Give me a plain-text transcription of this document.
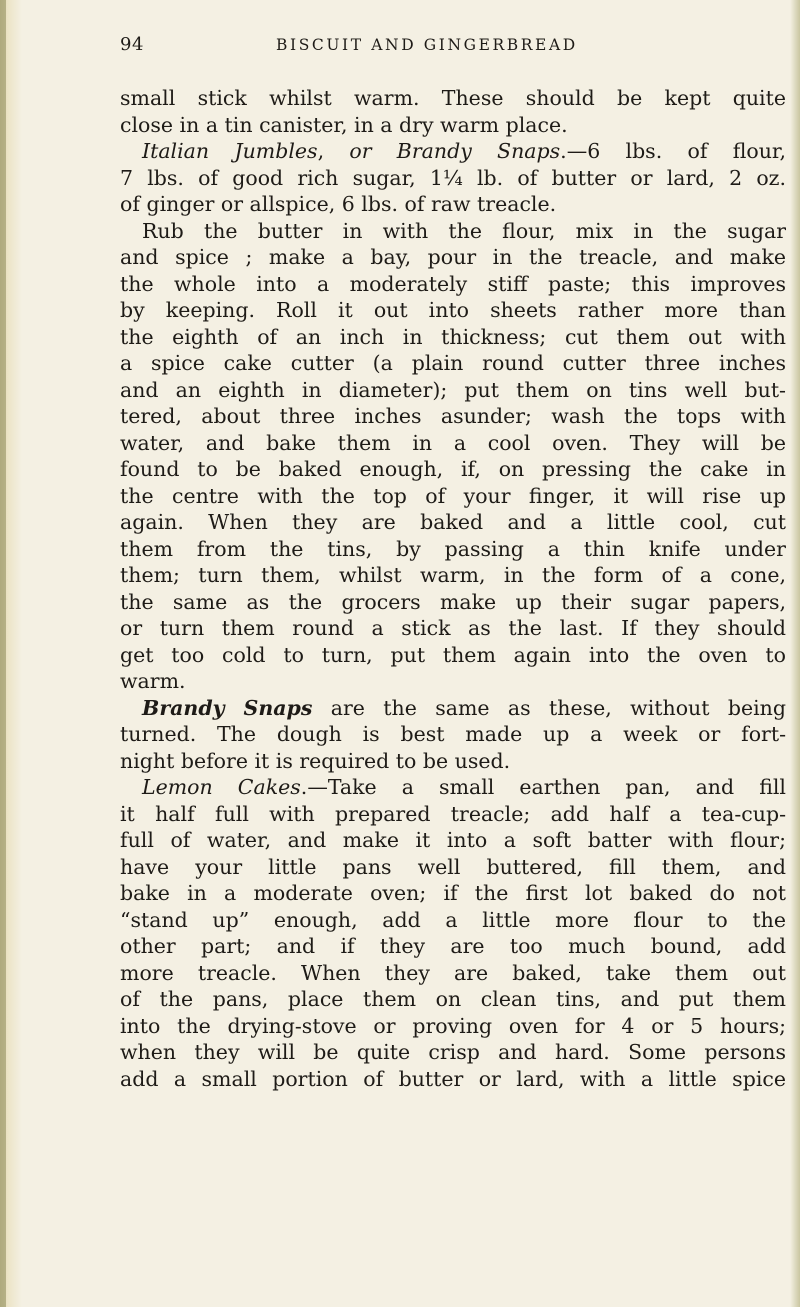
94	BISCUIT AND GINGERBREAD
small stick whilst warm. These should be kept quite
close in a tin canister, in a dry warm place.
Italian Jumbles, or Brandy Snaps.—6 lbs. of flour,
7 lbs. of good rich sugar, 1¼ lb. of butter or lard, 2 oz.
of ginger or allspice, 6 lbs. of raw treacle.
Rub the butter in with the flour, mix in the sugar
and spice ; make a bay, pour in the treacle, and make
the whole into a moderately stiff paste; this improves
by keeping. Roll it out into sheets rather more than
the eighth of an inch in thickness; cut them out with
a spice cake cutter (a plain round cutter three inches
and an eighth in diameter); put them on tins well but-
tered, about three inches asunder; wash the tops with
water, and bake them in a cool oven. They will be
found to be baked enough, if, on pressing the cake in
the centre with the top of your finger, it will rise up
again. When they are baked and a little cool, cut
them from the tins, by passing a thin knife under
them; turn them, whilst warm, in the form of a cone,
the same as the grocers make up their sugar papers,
or turn them round a stick as the last. If they should
get too cold to turn, put them again into the oven to
warm.
Brandy Snaps are the same as these, without being
turned. The dough is best made up a week or fort-
night before it is required to be used.
Lemon Cakes.—Take a small earthen pan, and fill
it half full with prepared treacle; add half a tea-cup-
full of water, and make it into a soft batter with flour;
have your little pans well buttered, fill them, and
bake in a moderate oven; if the first lot baked do not
“stand up” enough, add a little more flour to the
other part; and if they are too much bound, add
more treacle. When they are baked, take them out
of the pans, place them on clean tins, and put them
into the drying-stove or proving oven for 4 or 5 hours;
when they will be quite crisp and hard. Some persons
add a small portion of butter or lard, with a little spice
